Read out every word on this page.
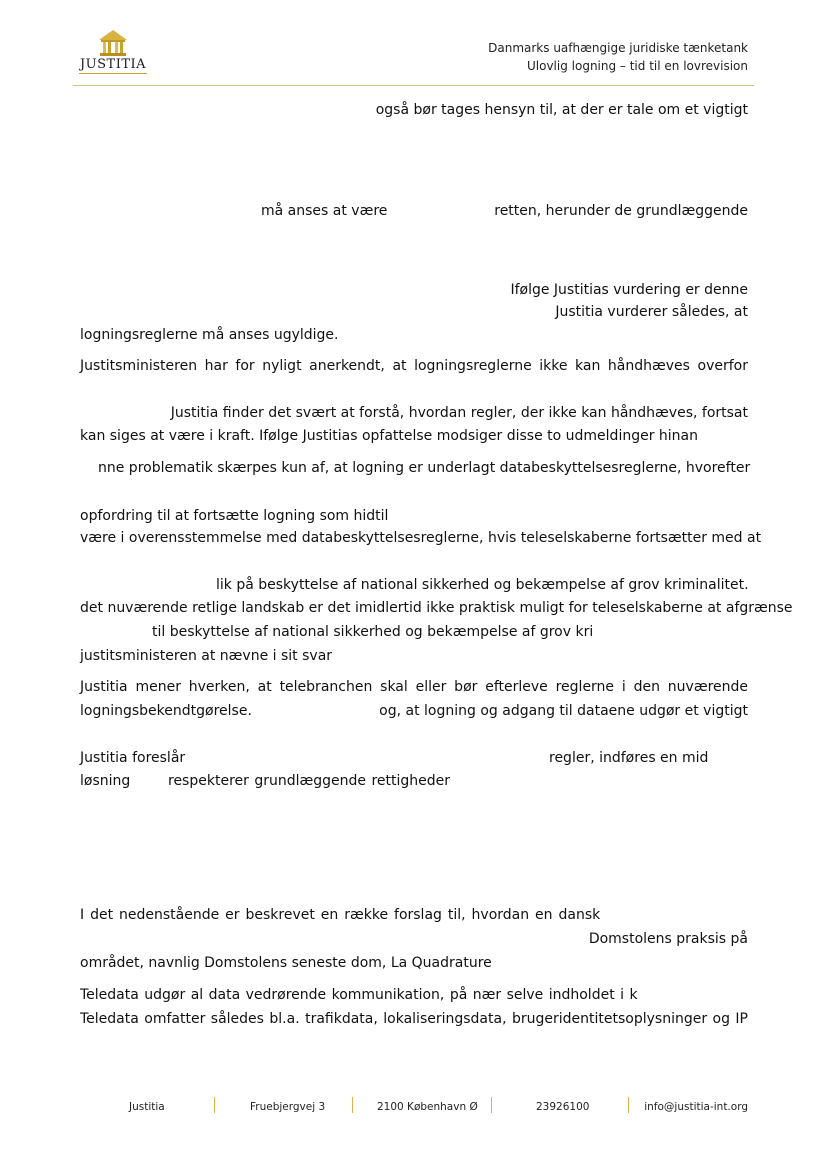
JUSTITIA
Danmarks uafhængige juridiske tænketank
Ulovlig logning – tid til en lovrevision
også bør tages hensyn til, at der er tale om et vigtigt
må anses at være	retten, herunder de grundlæggende
Ifølge Justitias vurdering er denne
Justitia vurderer således, at
logningsreglerne må anses ugyldige.
Justitsministeren har for nyligt anerkendt, at logningsreglerne ikke kan håndhæves overfor
Justitia finder det svært at forstå, hvordan regler, der ikke kan håndhæves, fortsat
kan siges at være i kraft. Ifølge Justitias opfattelse modsiger disse to udmeldinger hinan
nne problematik skærpes kun af, at logning er underlagt databeskyttelsesreglerne, hvorefter
opfordring til at fortsætte logning som hidtil
være i overensstemmelse med databeskyttelsesreglerne, hvis teleselskaberne fortsætter med at
lik på beskyttelse af national sikkerhed og bekæmpelse af grov kriminalitet.
det nuværende retlige landskab er det imidlertid ikke praktisk muligt for teleselskaberne at afgrænse
til beskyttelse af national sikkerhed og bekæmpelse af grov kri
justitsministeren at nævne i sit svar
Justitia mener hverken, at telebranchen skal eller bør efterleve reglerne i den nuværende
logningsbekendtgørelse.	og, at logning og adgang til dataene udgør et vigtigt
Justitia foreslår	regler, indføres en mid
løsning	respekterer grundlæggende rettigheder
I det nedenstående er beskrevet en række forslag til, hvordan en dansk
Domstolens praksis på
området, navnlig Domstolens seneste dom, La Quadrature
Teledata udgør al data vedrørende kommunikation, på nær selve indholdet i k
Teledata omfatter således bl.a. trafikdata, lokaliseringsdata, brugeridentitetsoplysninger og IP
Justitia	Fruebjergvej 3	2100 København Ø	23926100	info@justitia-int.org
